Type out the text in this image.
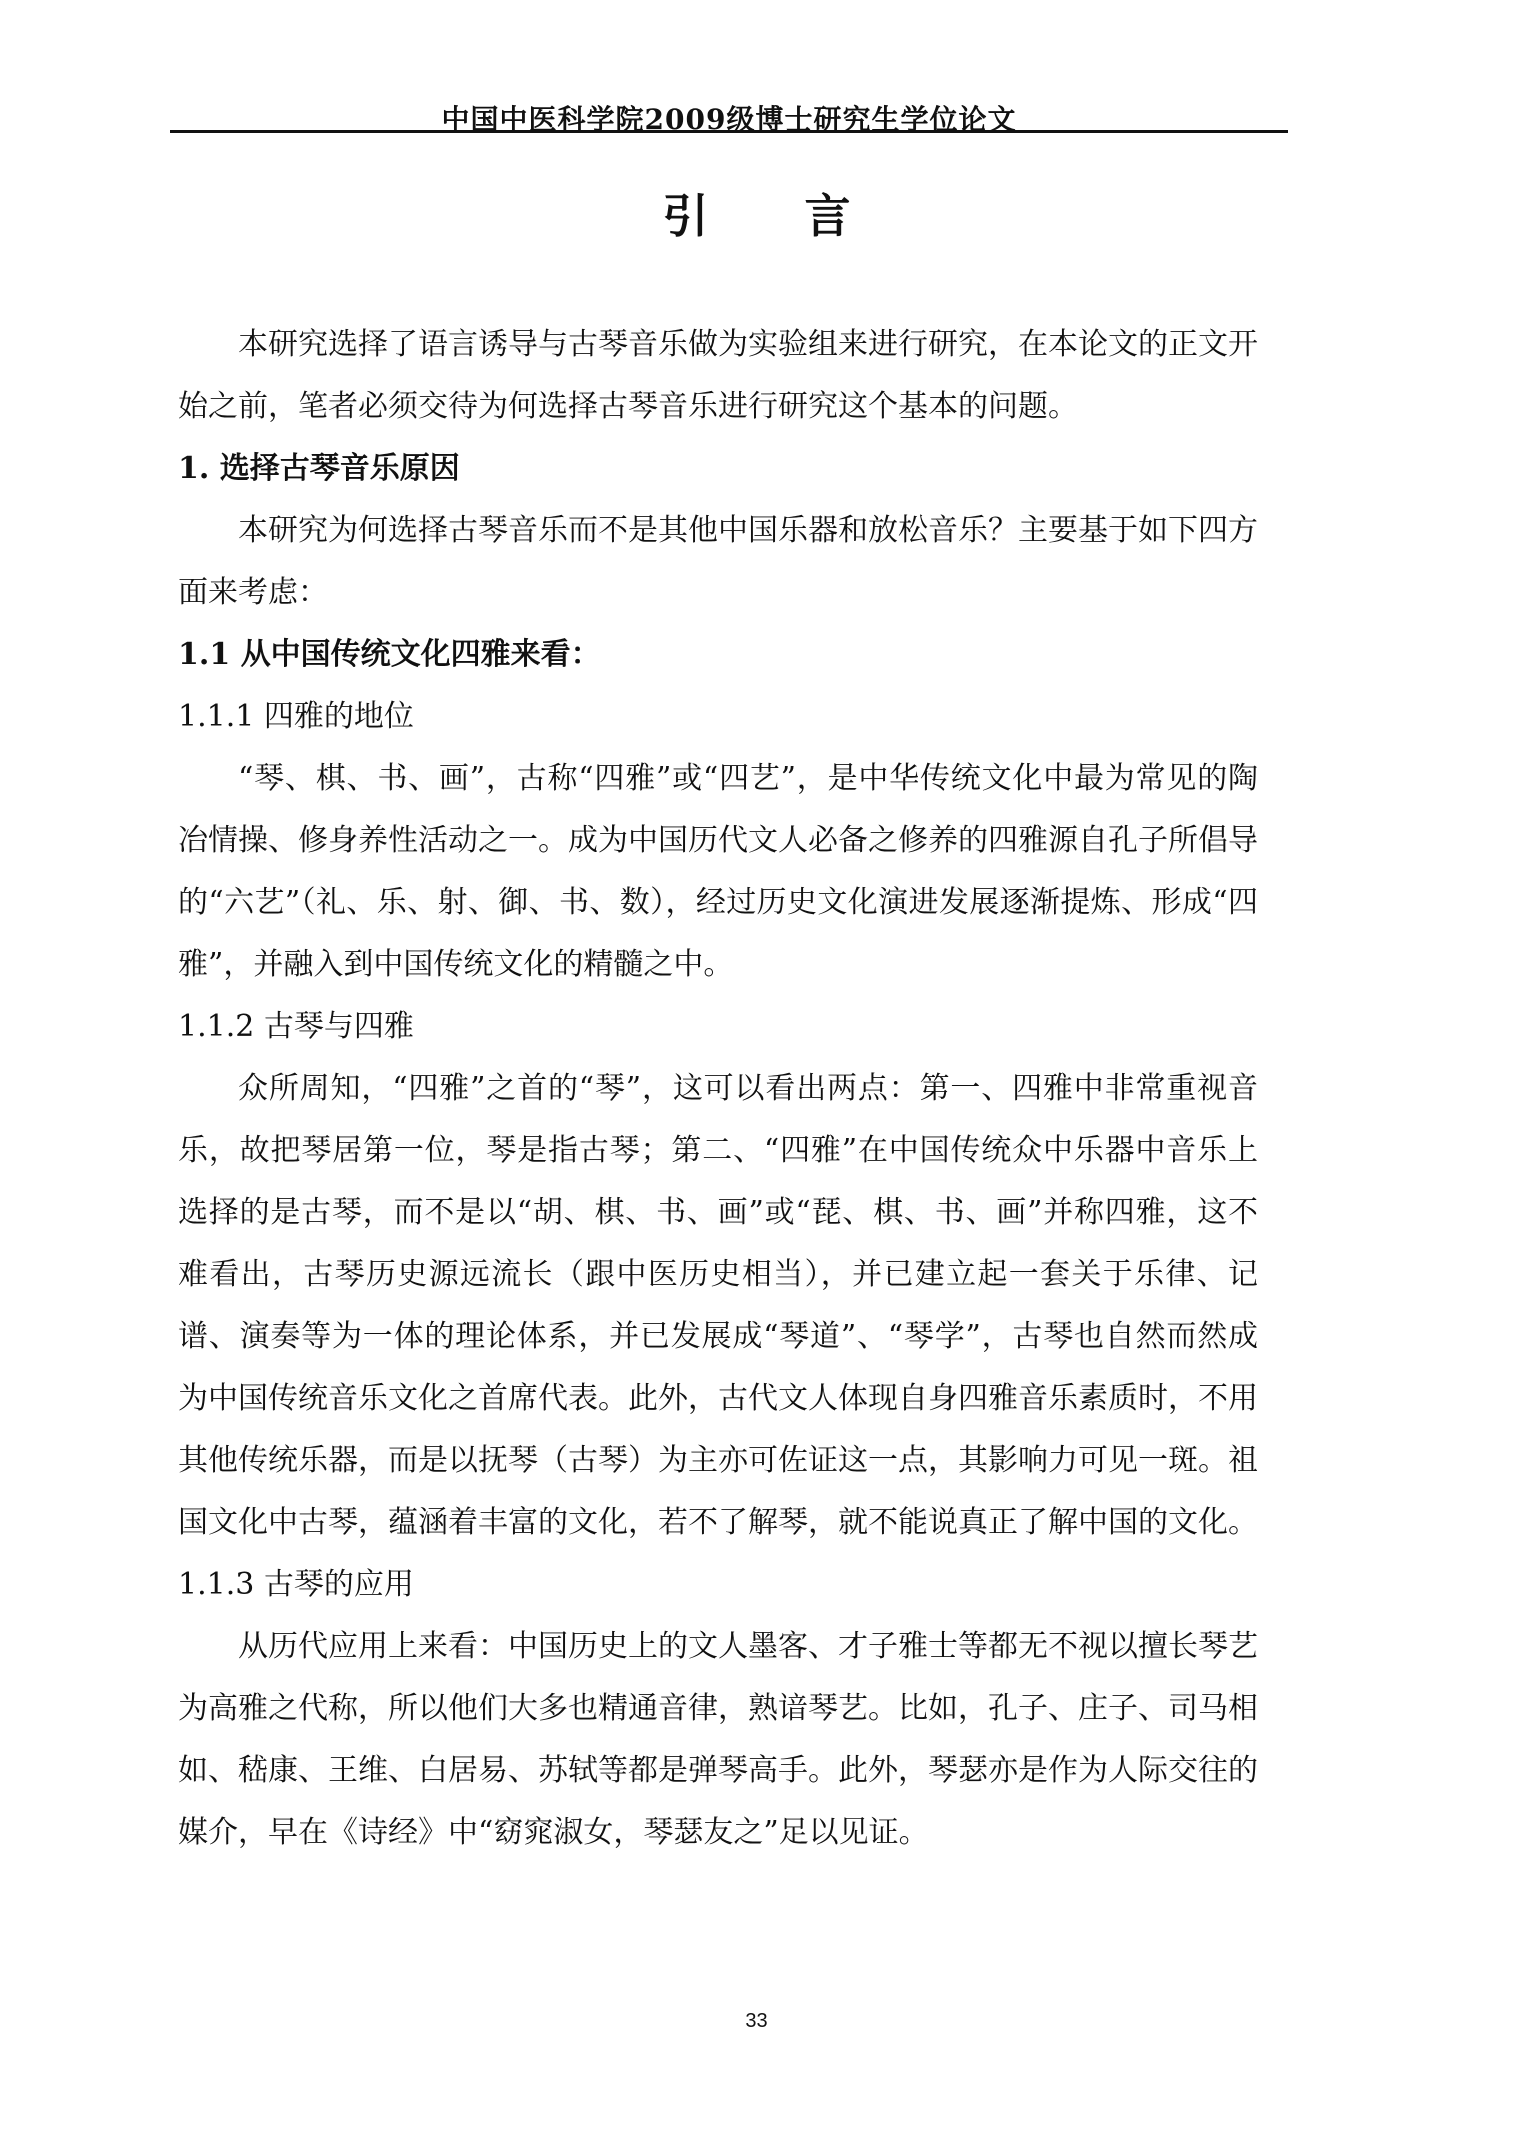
中国中医科学院2009级博士研究生学位论文
引 言

本研究选择了语言诱导与古琴音乐做为实验组来进行研究，在本论文的正文开始之前，笔者必须交待为何选择古琴音乐进行研究这个基本的问题。

1. 选择古琴音乐原因

本研究为何选择古琴音乐而不是其他中国乐器和放松音乐？主要基于如下四方面来考虑：

1.1 从中国传统文化四雅来看：

1.1.1 四雅的地位

“琴、棋、书、画”，古称“四雅”或“四艺”，是中华传统文化中最为常见的陶冶情操、修身养性活动之一。成为中国历代文人必备之修养的四雅源自孔子所倡导的“六艺”（礼、乐、射、御、书、数），经过历史文化演进发展逐渐提炼、形成“四雅”，并融入到中国传统文化的精髓之中。

1.1.2 古琴与四雅

众所周知，“四雅”之首的“琴”，这可以看出两点：第一、四雅中非常重视音乐，故把琴居第一位，琴是指古琴；第二、“四雅”在中国传统众中乐器中音乐上选择的是古琴，而不是以“胡、棋、书、画”或“琵、棋、书、画”并称四雅，这不难看出，古琴历史源远流长（跟中医历史相当），并已建立起一套关于乐律、记谱、演奏等为一体的理论体系，并已发展成“琴道”、“琴学”，古琴也自然而然成为中国传统音乐文化之首席代表。此外，古代文人体现自身四雅音乐素质时，不用其他传统乐器，而是以抚琴（古琴）为主亦可佐证这一点，其影响力可见一斑。祖国文化中古琴，蕴涵着丰富的文化，若不了解琴，就不能说真正了解中国的文化。

1.1.3 古琴的应用

从历代应用上来看：中国历史上的文人墨客、才子雅士等都无不视以擅长琴艺为高雅之代称，所以他们大多也精通音律，熟谙琴艺。比如，孔子、庄子、司马相如、嵇康、王维、白居易、苏轼等都是弹琴高手。此外，琴瑟亦是作为人际交往的媒介，早在《诗经》中“窈窕淑女，琴瑟友之”足以见证。

33
